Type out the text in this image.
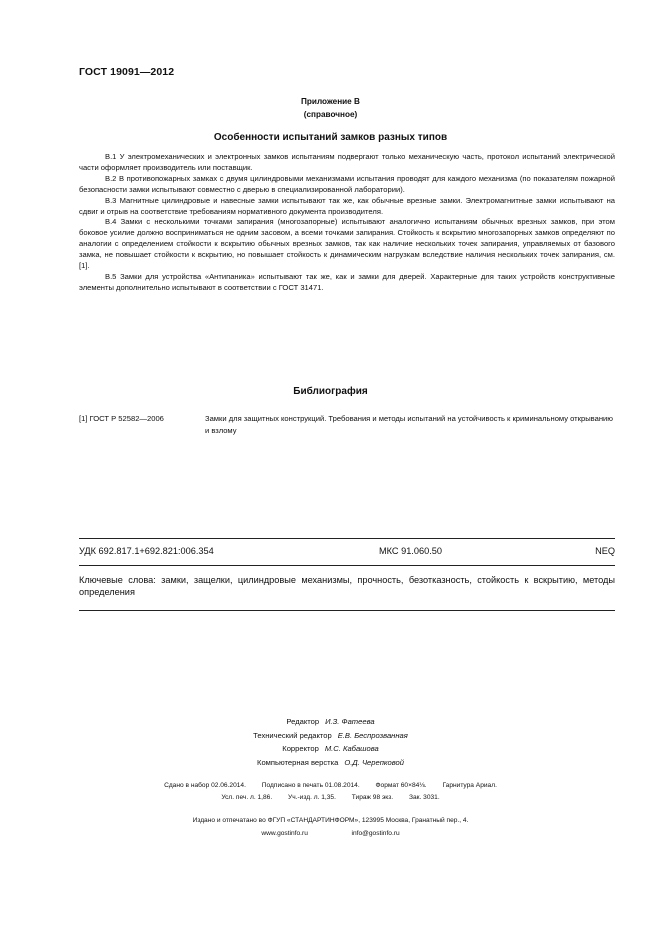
ГОСТ 19091—2012
Приложение В
(справочное)
Особенности испытаний замков разных типов

В.1 У электромеханических и электронных замков испытаниям подвергают только механическую часть, протокол испытаний электрической части оформляет производитель или поставщик.

В.2 В противопожарных замках с двумя цилиндровыми механизмами испытания проводят для каждого механизма (по показателям пожарной безопасности замки испытывают совместно с дверью в специализированной лаборатории).

В.3 Магнитные цилиндровые и навесные замки испытывают так же, как обычные врезные замки. Электромагнитные замки испытывают на сдвиг и отрыв на соответствие требованиям нормативного документа производителя.

В.4 Замки с несколькими точками запирания (многозапорные) испытывают аналогично испытаниям обычных врезных замков, при этом боковое усилие должно восприниматься не одним засовом, а всеми точками запирания. Стойкость к вскрытию многозапорных замков определяют по аналогии с определением стойкости к вскрытию обычных врезных замков, так как наличие нескольких точек запирания, управляемых от базового замка, не повышает стойкости к вскрытию, но повышает стойкость к динамическим нагрузкам вследствие наличия нескольких точек запирания, см. [1].

В.5 Замки для устройства «Антипаника» испытывают так же, как и замки для дверей. Характерные для таких устройств конструктивные элементы дополнительно испытывают в соответствии с ГОСТ 31471.

Библиография
[1] ГОСТ Р 52582—2006	Замки для защитных конструкций. Требования и методы испытаний на устойчивость к криминальному открыванию и взлому
УДК 692.817.1+692.821:006.354	МКС 91.060.50	NEQ
Ключевые слова: замки, защелки, цилиндровые механизмы, прочность, безотказность, стойкость к вскрытию, методы определения
Редактор И.З. Фатеева
Технический редактор Е.В. Беспрозванная
Корректор М.С. Кабашова
Компьютерная верстка О.Д. Черепковой
Сдано в набор 02.06.2014. Подписано в печать 01.08.2014. Формат 60×84⅛. Гарнитура Ариал.
Усл. печ. л. 1,86. Уч.-изд. л. 1,35. Тираж 98 экз. Зак. 3031.
Издано и отпечатано во ФГУП «СТАНДАРТИНФОРМ», 123995 Москва, Гранатный пер., 4.
www.gostinfo.ru	info@gostinfo.ru
